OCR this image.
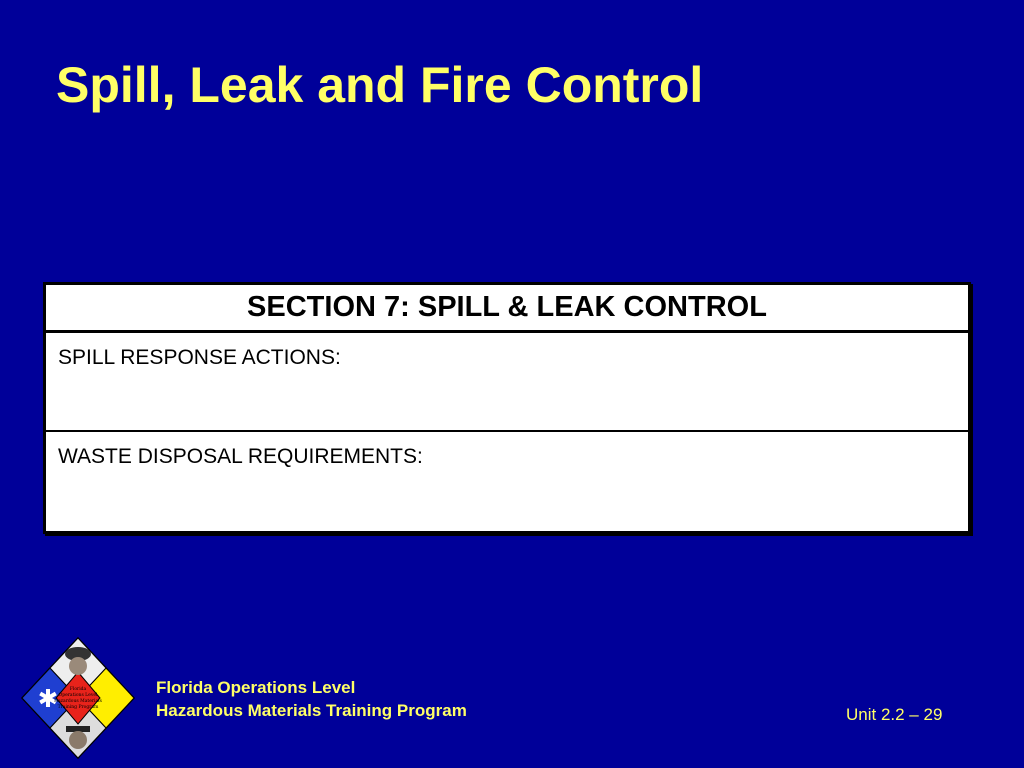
Spill, Leak and Fire Control
SECTION 7: SPILL & LEAK CONTROL
SPILL RESPONSE ACTIONS:
WASTE DISPOSAL REQUIREMENTS:
Florida
Operations Level
Hazardous Materials
Training Program
Florida Operations Level
Hazardous Materials Training Program	Unit 2.2 – 29
